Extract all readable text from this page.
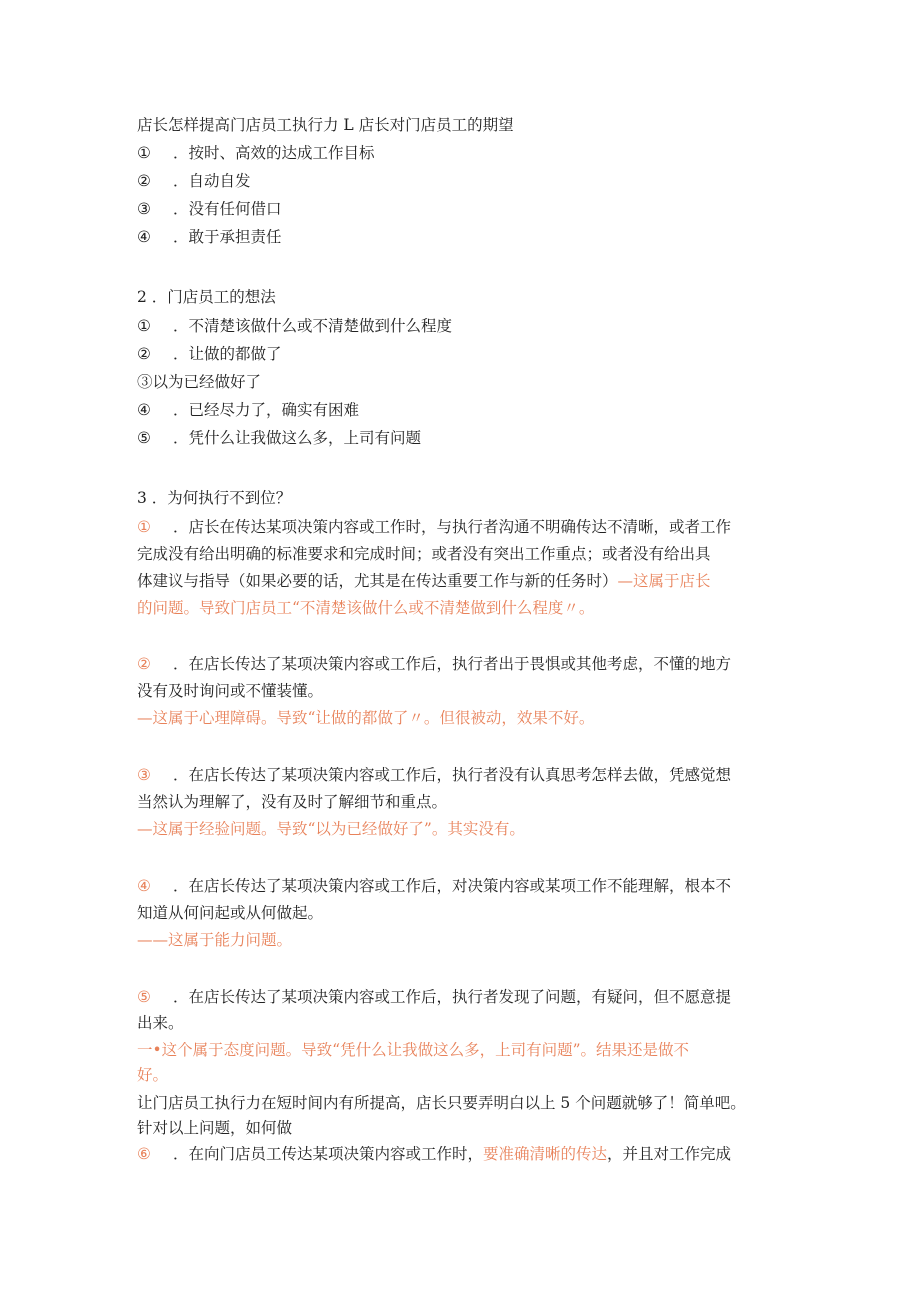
店长怎样提高门店员工执行力 L 店长对门店员工的期望
① ．按时、高效的达成工作目标
② ．自动自发
③ ．没有任何借口
④ ．敢于承担责任
2 ．门店员工的想法
① ．不清楚该做什么或不清楚做到什么程度
② ．让做的都做了
③以为已经做好了
④ ．已经尽力了，确实有困难
⑤ ．凭什么让我做这么多，上司有问题
3 ．为何执行不到位？
① ．店长在传达某项决策内容或工作时，与执行者沟通不明确传达不清晰，或者工作
完成没有给出明确的标准要求和完成时间；或者没有突出工作重点；或者没有给出具
体建议与指导（如果必要的话，尤其是在传达重要工作与新的任务时）—这属于店长
的问题。导致门店员工“不清楚该做什么或不清楚做到什么程度〃。
② ．在店长传达了某项决策内容或工作后，执行者出于畏惧或其他考虑，不懂的地方
没有及时询问或不懂装懂。
—这属于心理障碍。导致“让做的都做了〃。但很被动，效果不好。
③ ．在店长传达了某项决策内容或工作后，执行者没有认真思考怎样去做，凭感觉想
当然认为理解了，没有及时了解细节和重点。
—这属于经验问题。导致“以为已经做好了”。其实没有。
④ ．在店长传达了某项决策内容或工作后，对决策内容或某项工作不能理解，根本不
知道从何问起或从何做起。
——这属于能力问题。
⑤ ．在店长传达了某项决策内容或工作后，执行者发现了问题，有疑问，但不愿意提
出来。
一•这个属于态度问题。导致“凭什么让我做这么多，上司有问题”。结果还是做不
好。
让门店员工执行力在短时间内有所提高，店长只要弄明白以上 5 个问题就够了！简单吧。
针对以上问题，如何做
⑥ ．在向门店员工传达某项决策内容或工作时，要准确清晰的传达，并且对工作完成
